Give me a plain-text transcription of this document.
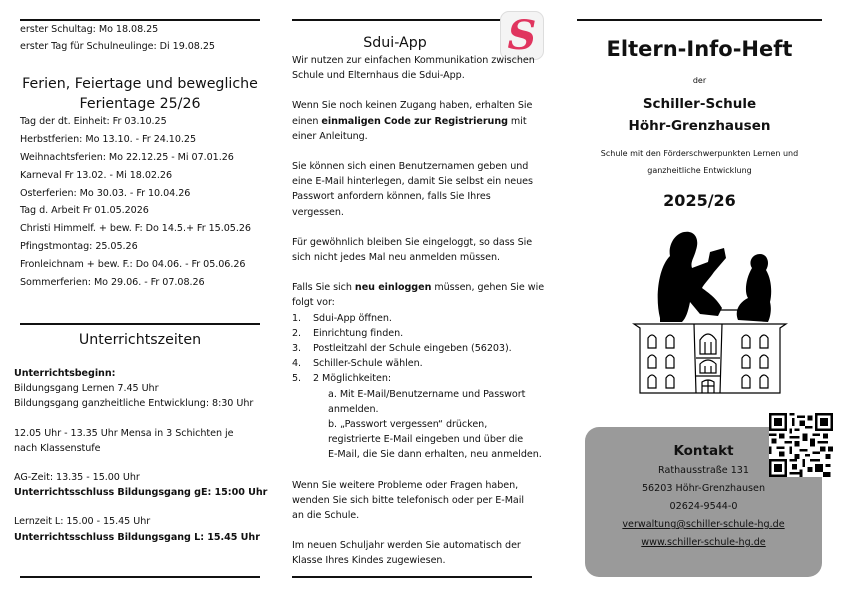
erster Schultag: Mo 18.08.25
erster Tag für Schulneulinge: Di 19.08.25
Ferien, Feiertage und bewegliche
Ferientage 25/26
Tag der dt. Einheit: Fr 03.10.25
Herbstferien: Mo 13.10. - Fr 24.10.25
Weihnachtsferien: Mo 22.12.25 - Mi 07.01.26
Karneval Fr 13.02. - Mi 18.02.26
Osterferien: Mo 30.03. - Fr 10.04.26
Tag d. Arbeit Fr 01.05.2026
Christi Himmelf. + bew. F: Do 14.5.+ Fr 15.05.26
Pfingstmontag: 25.05.26
Fronleichnam + bew. F.: Do 04.06. - Fr 05.06.26
Sommerferien: Mo 29.06. - Fr 07.08.26
Unterrichtszeiten
Unterrichtsbeginn:
Bildungsgang Lernen 7.45 Uhr
Bildungsgang ganzheitliche Entwicklung: 8:30 Uhr
12.05 Uhr - 13.35 Uhr Mensa in 3 Schichten je
nach Klassenstufe
AG-Zeit: 13.35 - 15.00 Uhr
Unterrichtsschluss Bildungsgang gE: 15:00 Uhr
Lernzeit L: 15.00 - 15.45 Uhr
Unterrichtsschluss Bildungsgang L: 15.45 Uhr
S
Sdui-App
Wir nutzen zur einfachen Kommunikation zwischen
Schule und Elternhaus die Sdui-App.
Wenn Sie noch keinen Zugang haben, erhalten Sie
einen einmaligen Code zur Registrierung mit
einer Anleitung.
Sie können sich einen Benutzernamen geben und
eine E-Mail hinterlegen, damit Sie selbst ein neues
Passwort anfordern können, falls Sie Ihres
vergessen.
Für gewöhnlich bleiben Sie eingeloggt, so dass Sie
sich nicht jedes Mal neu anmelden müssen.
Falls Sie sich neu einloggen müssen, gehen Sie wie
folgt vor:
1.	Sdui-App öffnen.
2.	Einrichtung finden.
3.	Postleitzahl der Schule eingeben (56203).
4.	Schiller-Schule wählen.
5.	2 Möglichkeiten:
a. Mit E-Mail/Benutzername und Passwort
anmelden.
b. „Passwort vergessen“ drücken,
registrierte E-Mail eingeben und über die
E-Mail, die Sie dann erhalten, neu anmelden.
Wenn Sie weitere Probleme oder Fragen haben,
wenden Sie sich bitte telefonisch oder per E-Mail
an die Schule.
Im neuen Schuljahr werden Sie automatisch der
Klasse Ihres Kindes zugewiesen.
Eltern-Info-Heft
der
Schiller-Schule
Höhr-Grenzhausen
Schule mit den Förderschwerpunkten Lernen und
ganzheitliche Entwicklung
2025/26
Kontakt
Rathausstraße 131
56203 Höhr-Grenzhausen
02624-9544-0
verwaltung@schiller-schule-hg.de
www.schiller-schule-hg.de
